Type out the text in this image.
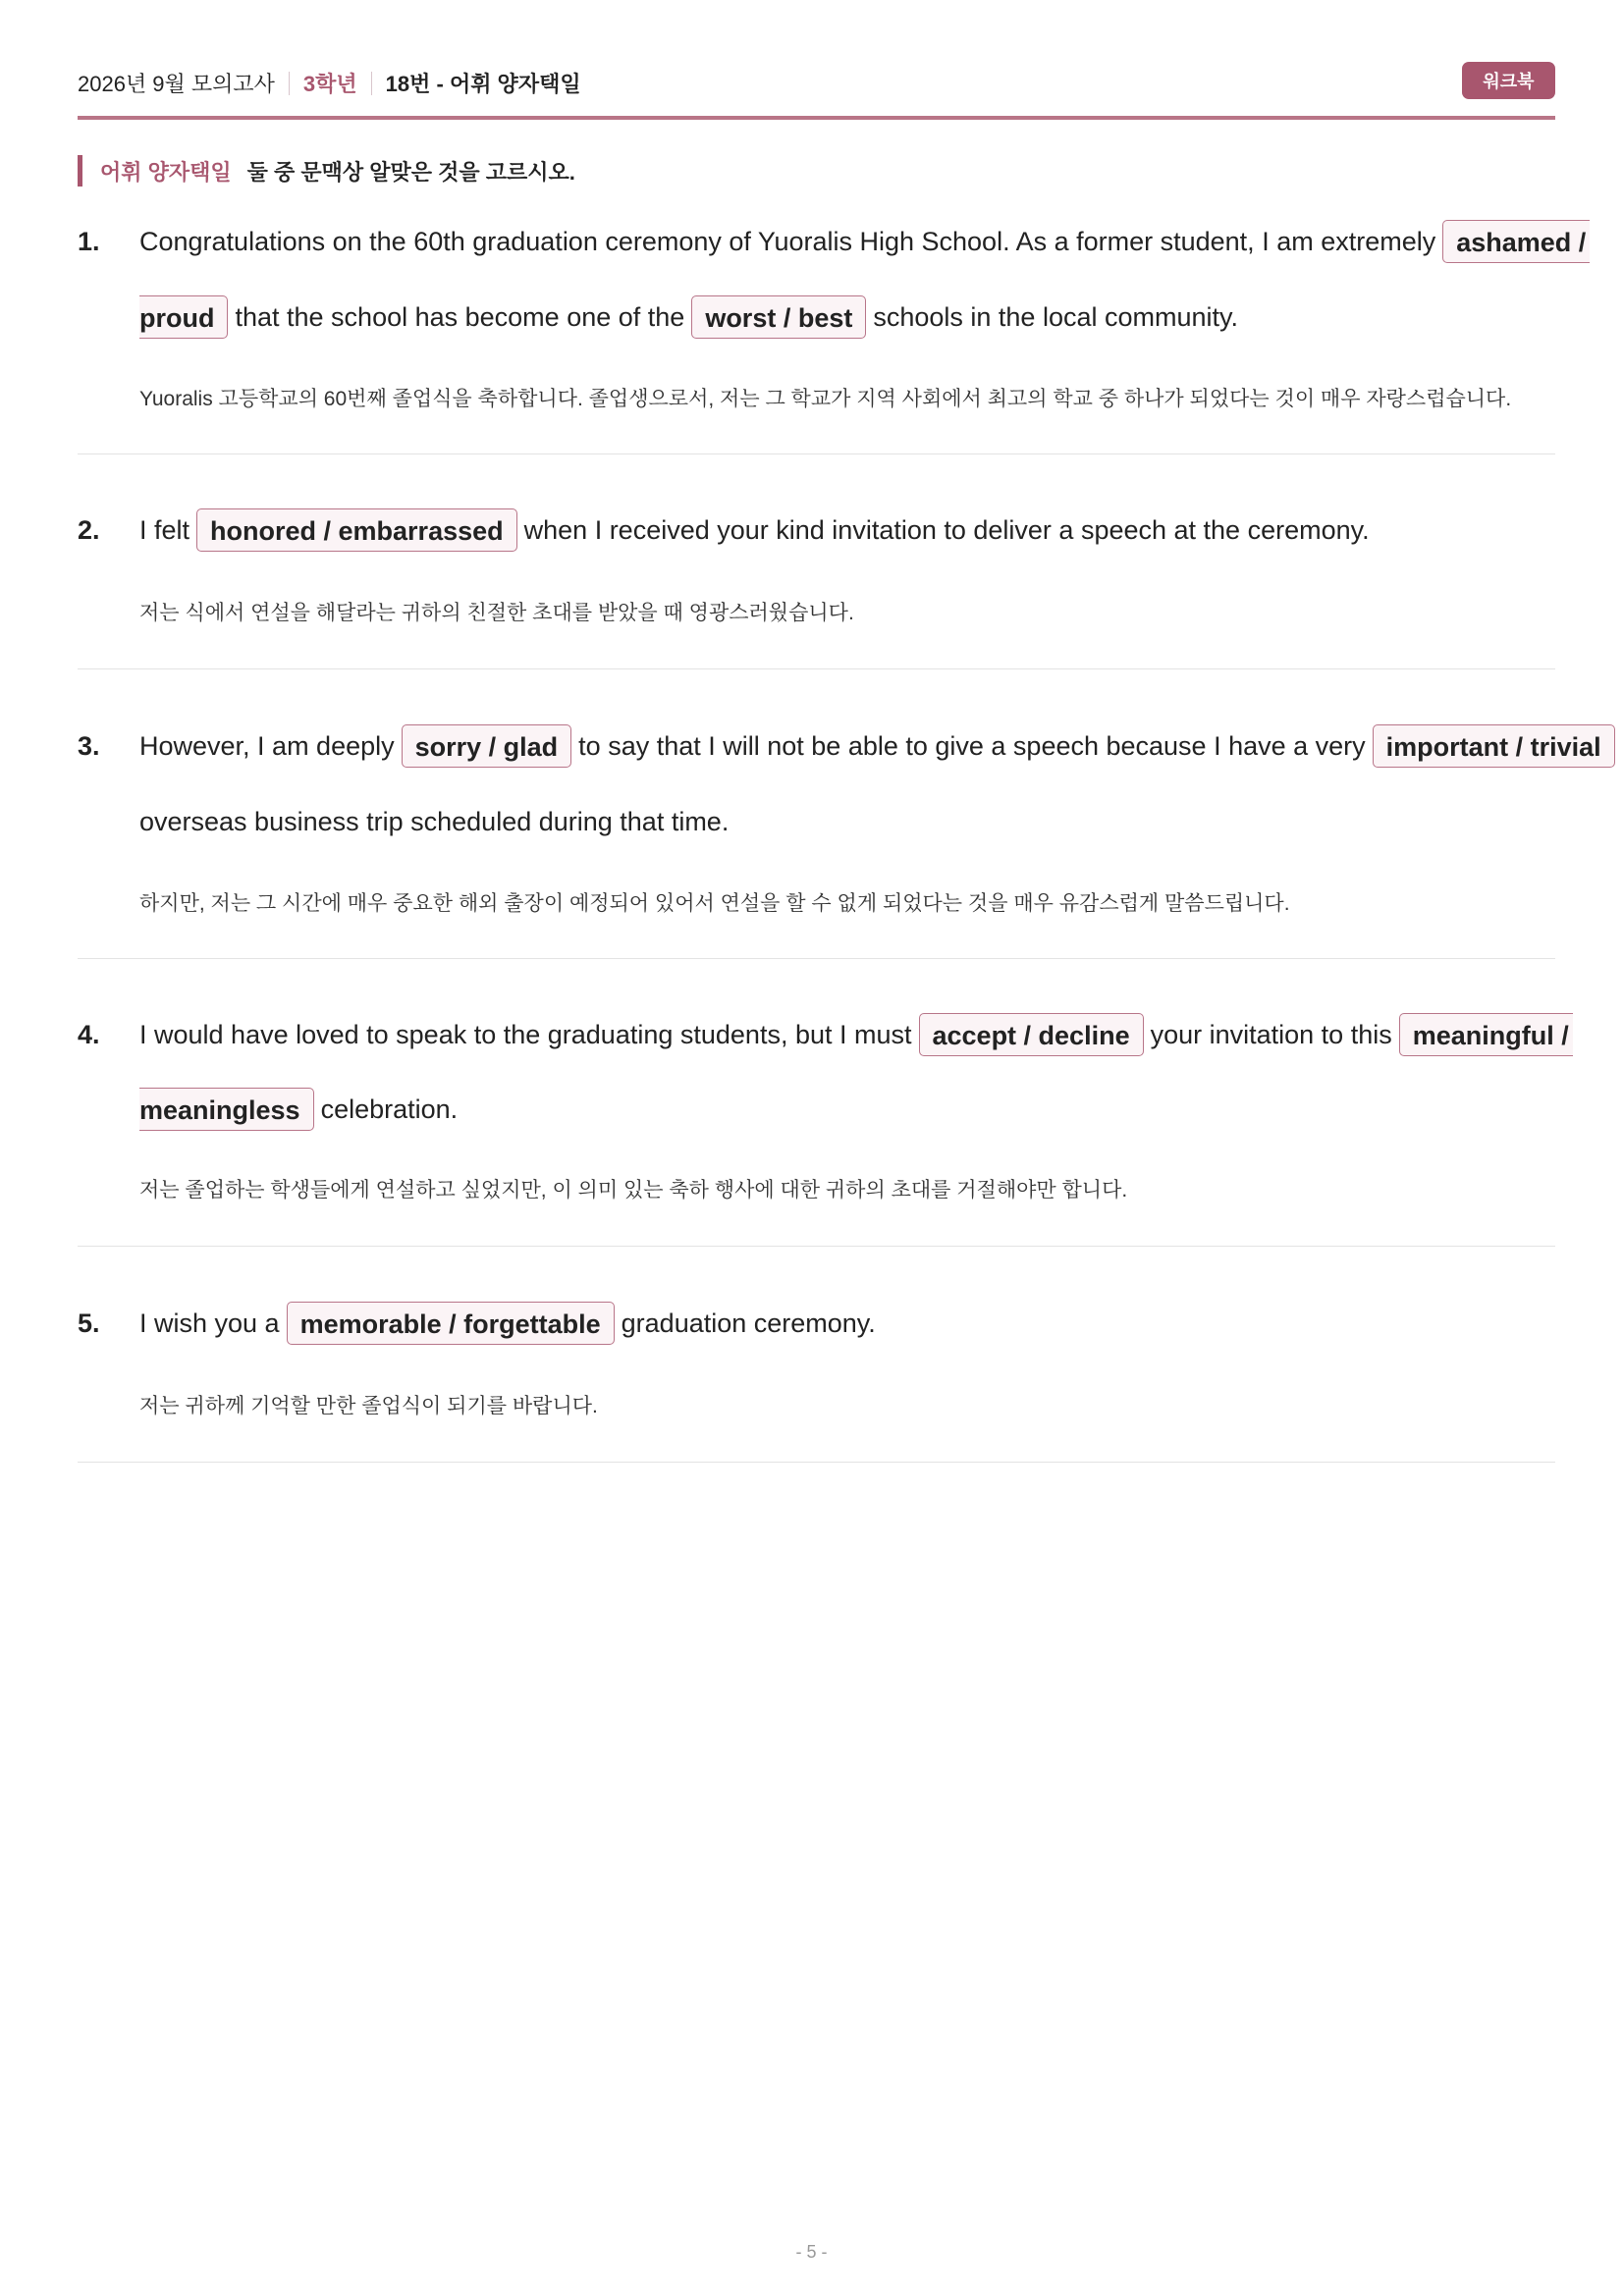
2026년 9월 모의고사 3학년 18번 - 어휘 양자택일	워크북
어휘 양자택일 둘 중 문맥상 알맞은 것을 고르시오.
1. Congratulations on the 60th graduation ceremony of Yuoralis High School. As a former student, I am extremely ashamed /
proud that the school has become one of the worst / best schools in the local community.
Yuoralis 고등학교의 60번째 졸업식을 축하합니다. 졸업생으로서, 저는 그 학교가 지역 사회에서 최고의 학교 중 하나가 되었다는 것이 매우 자랑스럽습니다.
2. I felt honored / embarrassed when I received your kind invitation to deliver a speech at the ceremony.
저는 식에서 연설을 해달라는 귀하의 친절한 초대를 받았을 때 영광스러웠습니다.
3. However, I am deeply sorry / glad to say that I will not be able to give a speech because I have a very important / trivial
overseas business trip scheduled during that time.
하지만, 저는 그 시간에 매우 중요한 해외 출장이 예정되어 있어서 연설을 할 수 없게 되었다는 것을 매우 유감스럽게 말씀드립니다.
4. I would have loved to speak to the graduating students, but I must accept / decline your invitation to this meaningful /
meaningless celebration.
저는 졸업하는 학생들에게 연설하고 싶었지만, 이 의미 있는 축하 행사에 대한 귀하의 초대를 거절해야만 합니다.
5. I wish you a memorable / forgettable graduation ceremony.
저는 귀하께 기억할 만한 졸업식이 되기를 바랍니다.
- 5 -
